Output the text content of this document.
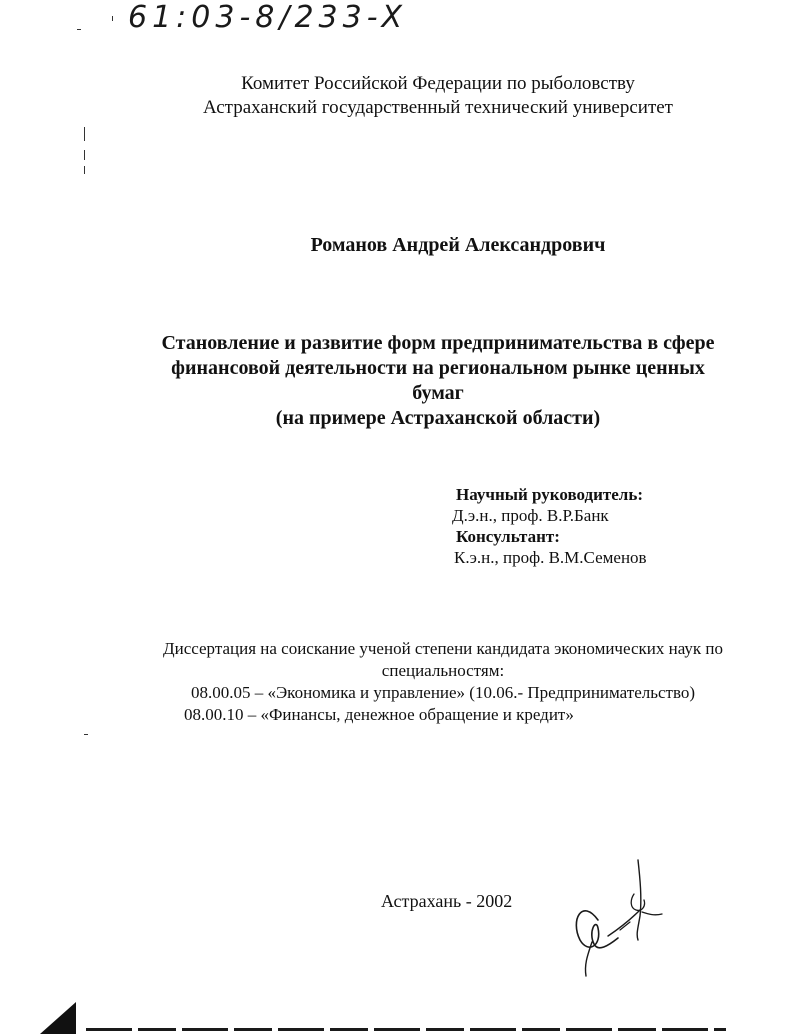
61:03-8/233-X
Комитет Российской Федерации по рыболовству
Астраханский государственный технический университет
Романов Андрей Александрович
Становление и развитие форм предпринимательства в сфере
финансовой деятельности на региональном рынке ценных бумаг
(на примере Астраханской области)
Научный руководитель:
Д.э.н., проф. В.Р.Банк
Консультант:
К.э.н., проф. В.М.Семенов
Диссертация на соискание ученой степени кандидата экономических наук по
специальностям:
08.00.05 – «Экономика и управление» (10.06.- Предпринимательство)
08.00.10 – «Финансы, денежное обращение и кредит»
Астрахань - 2002
